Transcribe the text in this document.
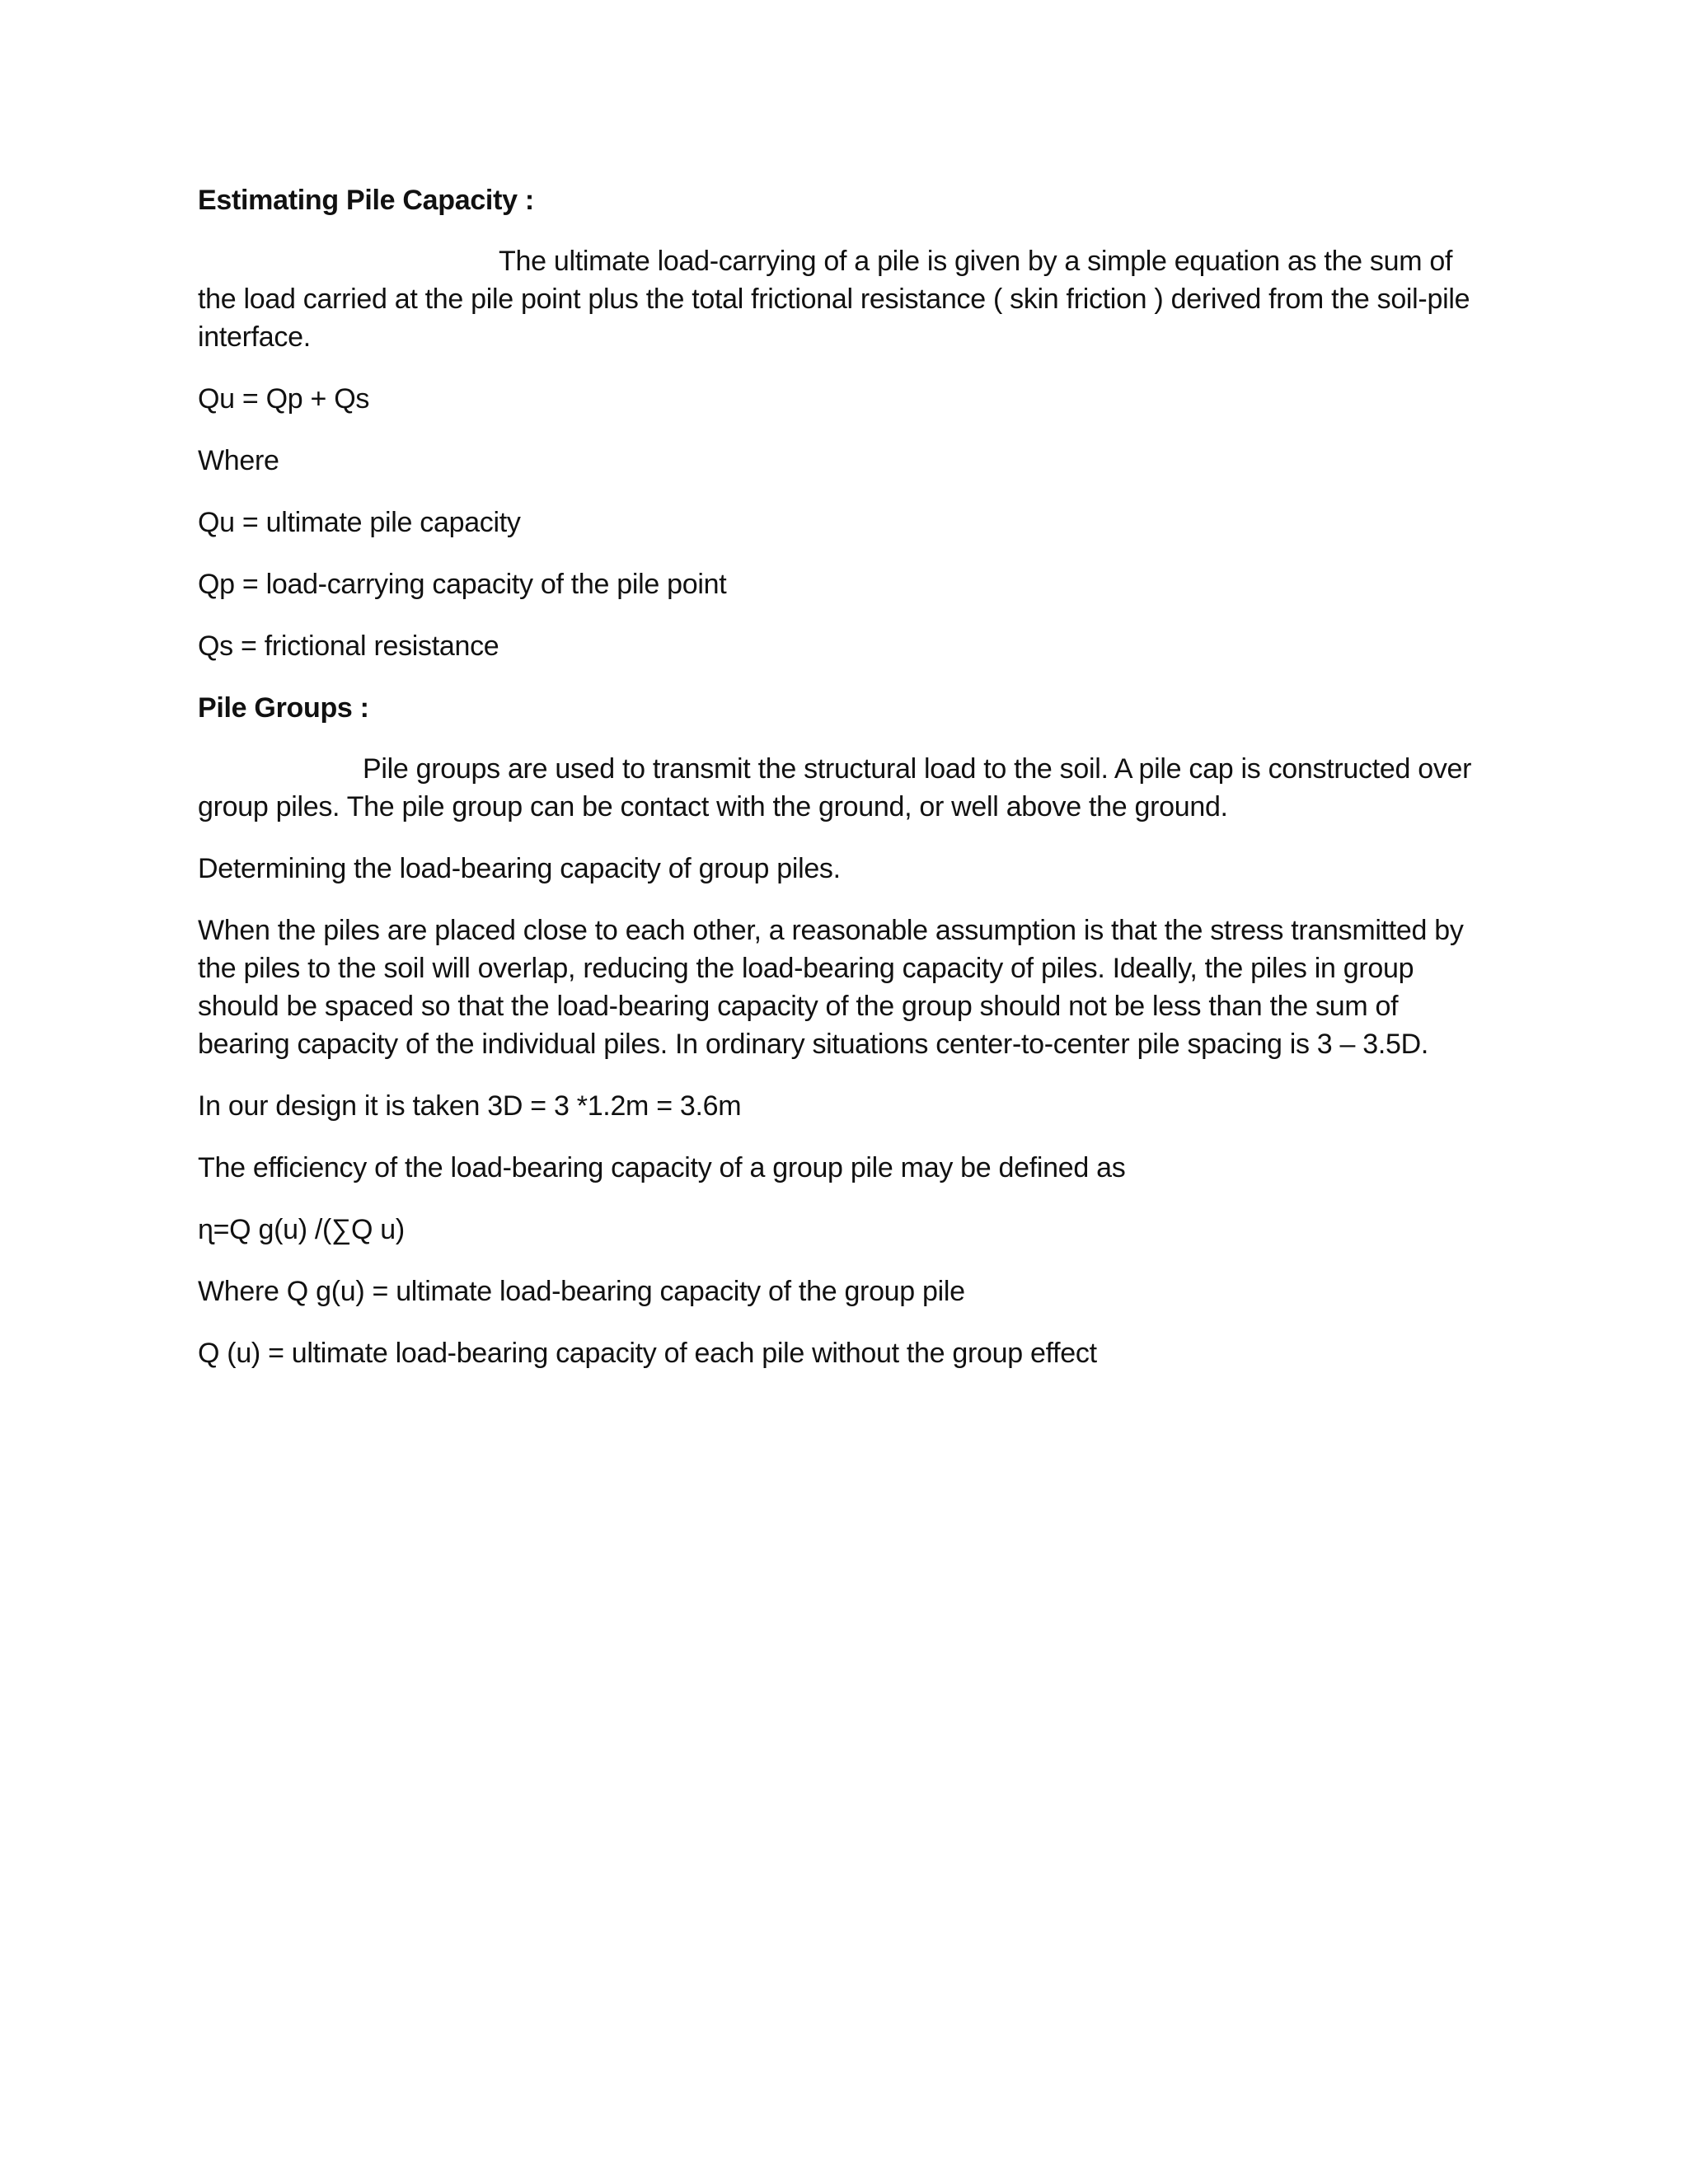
Estimating Pile Capacity :

The ultimate load-carrying of a pile is given by a simple equation as the sum of the load carried at the pile point plus the total frictional resistance ( skin friction ) derived from the soil-pile interface.

Qu = Qp + Qs

Where

Qu = ultimate pile capacity

Qp = load-carrying capacity of the pile point

Qs = frictional resistance

Pile Groups :

Pile groups are used to transmit the structural load to the soil. A pile cap is constructed over group piles. The pile group can be contact with the ground, or well above the ground.

Determining the load-bearing capacity of group piles.

When the piles are placed close to each other, a reasonable assumption is that the stress transmitted by the piles to the soil will overlap, reducing the load-bearing capacity of piles. Ideally, the piles in group should be spaced so that the load-bearing capacity of the group should not be less than the sum of bearing capacity of the individual piles. In ordinary situations center-to-center pile spacing is 3 – 3.5D.

In our design it is taken 3D = 3 *1.2m = 3.6m

The efficiency of the load-bearing capacity of a group pile may be defined as

ɳ=Q g(u) /(∑Q u)

Where Q g(u) = ultimate load-bearing capacity of the group pile

Q (u) = ultimate load-bearing capacity of each pile without the group effect
